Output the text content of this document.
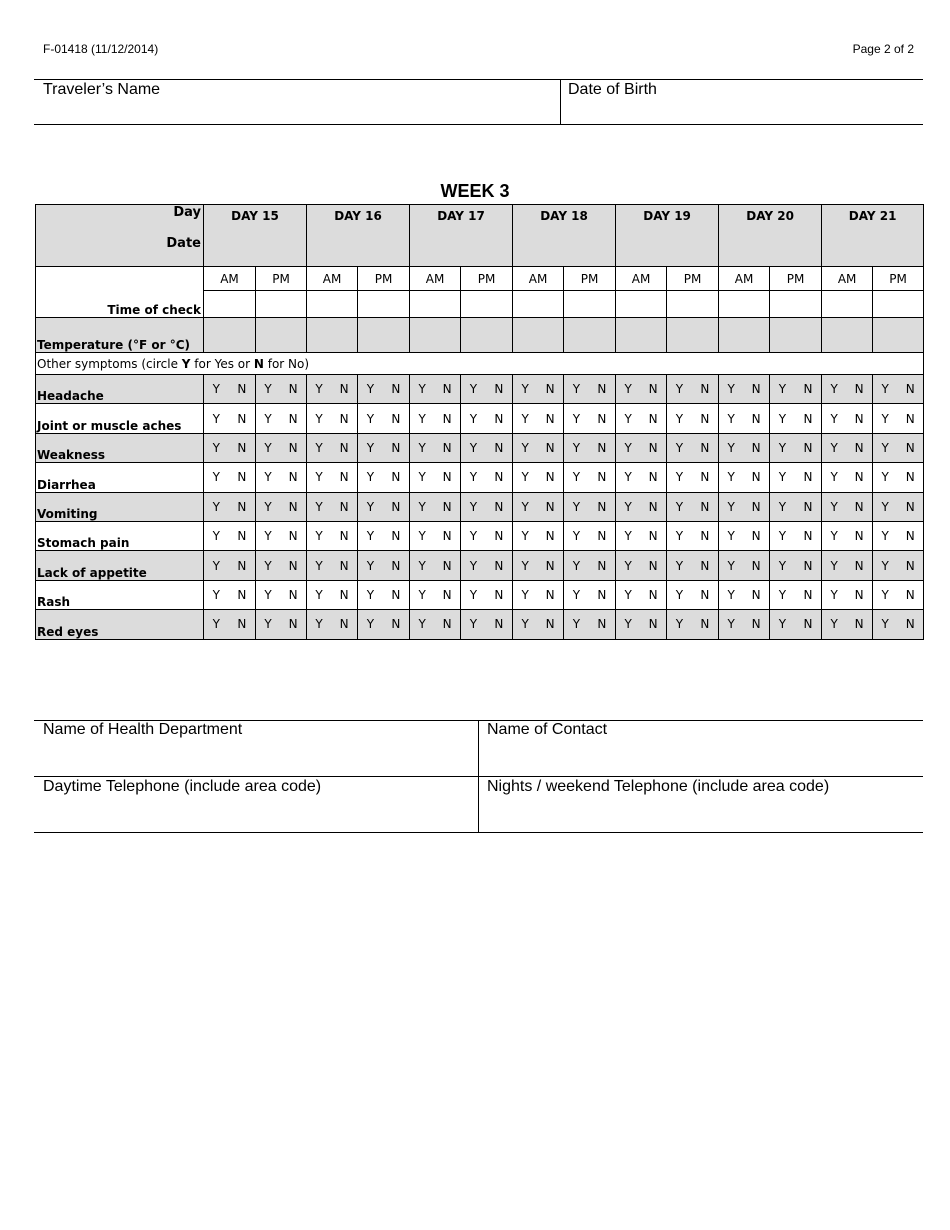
F-01418 (11/12/2014)	Page 2 of 2
Traveler’s Name	Date of Birth
WEEK 3
Day
Date	DAY 15		DAY 16		DAY 17		DAY 18		DAY 19		DAY 20		DAY 21	
	AM	PM	AM	PM	AM	PM	AM	PM	AM	PM	AM	PM	AM	PM
Time of check														
Temperature (°F or °C)														
Other symptoms (circle Y for Yes or N for No)														
Headache	Y N	Y N	Y N	Y N	Y N	Y N	Y N	Y N	Y N	Y N	Y N	Y N	Y N	Y N

Joint or muscle aches	Y N	Y N	Y N	Y N	Y N	Y N	Y N	Y N	Y N	Y N	Y N	Y N	Y N	Y N

Weakness	Y N	Y N	Y N	Y N	Y N	Y N	Y N	Y N	Y N	Y N	Y N	Y N	Y N	Y N

Diarrhea	Y N	Y N	Y N	Y N	Y N	Y N	Y N	Y N	Y N	Y N	Y N	Y N	Y N	Y N

Vomiting	Y N	Y N	Y N	Y N	Y N	Y N	Y N	Y N	Y N	Y N	Y N	Y N	Y N	Y N

Stomach pain	Y N	Y N	Y N	Y N	Y N	Y N	Y N	Y N	Y N	Y N	Y N	Y N	Y N	Y N

Lack of appetite	Y N	Y N	Y N	Y N	Y N	Y N	Y N	Y N	Y N	Y N	Y N	Y N	Y N	Y N

Rash	Y N	Y N	Y N	Y N	Y N	Y N	Y N	Y N	Y N	Y N	Y N	Y N	Y N	Y N

Red eyes	Y N	Y N	Y N	Y N	Y N	Y N	Y N	Y N	Y N	Y N	Y N	Y N	Y N	Y N
Name of Health Department	Name of Contact
Daytime Telephone (include area code)	Nights / weekend Telephone (include area code)
